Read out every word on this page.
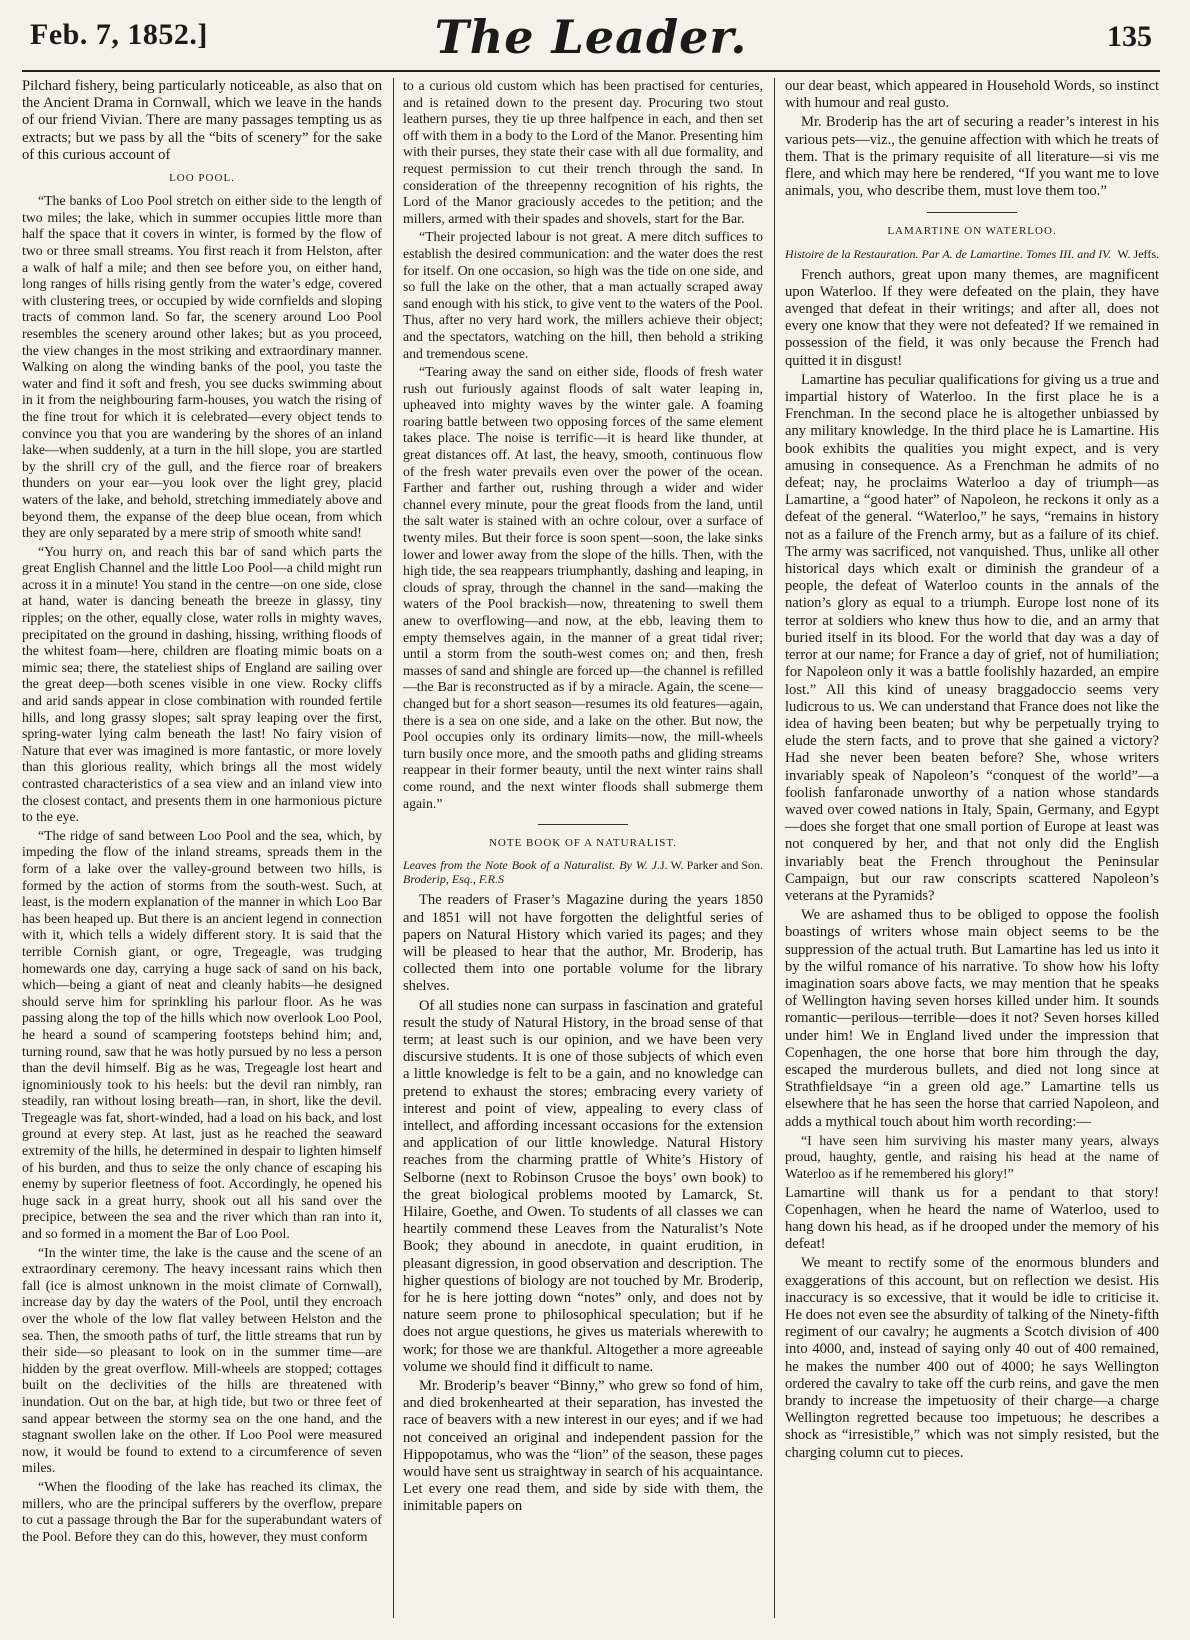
Feb. 7, 1852.]	The Leader.	135

Pilchard fishery, being particularly noticeable, as also that on the Ancient Drama in Cornwall, which we leave in the hands of our friend Vivian. There are many passages tempting us as extracts; but we pass by all the “bits of scenery” for the sake of this curious account of

LOO POOL.

“The banks of Loo Pool stretch on either side to the length of two miles; the lake, which in summer occupies little more than half the space that it covers in winter, is formed by the flow of two or three small streams. You first reach it from Helston, after a walk of half a mile; and then see before you, on either hand, long ranges of hills rising gently from the water’s edge, covered with clustering trees, or occupied by wide cornfields and sloping tracts of common land. So far, the scenery around Loo Pool resembles the scenery around other lakes; but as you proceed, the view changes in the most striking and extraordinary manner. Walking on along the winding banks of the pool, you taste the water and find it soft and fresh, you see ducks swimming about in it from the neighbouring farm-houses, you watch the rising of the fine trout for which it is celebrated—every object tends to convince you that you are wandering by the shores of an inland lake—when suddenly, at a turn in the hill slope, you are startled by the shrill cry of the gull, and the fierce roar of breakers thunders on your ear—you look over the light grey, placid waters of the lake, and behold, stretching immediately above and beyond them, the expanse of the deep blue ocean, from which they are only separated by a mere strip of smooth white sand!

“You hurry on, and reach this bar of sand which parts the great English Channel and the little Loo Pool—a child might run across it in a minute! You stand in the centre—on one side, close at hand, water is dancing beneath the breeze in glassy, tiny ripples; on the other, equally close, water rolls in mighty waves, precipitated on the ground in dashing, hissing, writhing floods of the whitest foam—here, children are floating mimic boats on a mimic sea; there, the stateliest ships of England are sailing over the great deep—both scenes visible in one view. Rocky cliffs and arid sands appear in close combination with rounded fertile hills, and long grassy slopes; salt spray leaping over the first, spring-water lying calm beneath the last! No fairy vision of Nature that ever was imagined is more fantastic, or more lovely than this glorious reality, which brings all the most widely contrasted characteristics of a sea view and an inland view into the closest contact, and presents them in one harmonious picture to the eye.

“The ridge of sand between Loo Pool and the sea, which, by impeding the flow of the inland streams, spreads them in the form of a lake over the valley-ground between two hills, is formed by the action of storms from the south-west. Such, at least, is the modern explanation of the manner in which Loo Bar has been heaped up. But there is an ancient legend in connection with it, which tells a widely different story. It is said that the terrible Cornish giant, or ogre, Tregeagle, was trudging homewards one day, carrying a huge sack of sand on his back, which—being a giant of neat and cleanly habits—he designed should serve him for sprinkling his parlour floor. As he was passing along the top of the hills which now overlook Loo Pool, he heard a sound of scampering footsteps behind him; and, turning round, saw that he was hotly pursued by no less a person than the devil himself. Big as he was, Tregeagle lost heart and ignominiously took to his heels: but the devil ran nimbly, ran steadily, ran without losing breath—ran, in short, like the devil. Tregeagle was fat, short-winded, had a load on his back, and lost ground at every step. At last, just as he reached the seaward extremity of the hills, he determined in despair to lighten himself of his burden, and thus to seize the only chance of escaping his enemy by superior fleetness of foot. Accordingly, he opened his huge sack in a great hurry, shook out all his sand over the precipice, between the sea and the river which than ran into it, and so formed in a moment the Bar of Loo Pool.

“In the winter time, the lake is the cause and the scene of an extraordinary ceremony. The heavy incessant rains which then fall (ice is almost unknown in the moist climate of Cornwall), increase day by day the waters of the Pool, until they encroach over the whole of the low flat valley between Helston and the sea. Then, the smooth paths of turf, the little streams that run by their side—so pleasant to look on in the summer time—are hidden by the great overflow. Mill-wheels are stopped; cottages built on the declivities of the hills are threatened with inundation. Out on the bar, at high tide, but two or three feet of sand appear between the stormy sea on the one hand, and the stagnant swollen lake on the other. If Loo Pool were measured now, it would be found to extend to a circumference of seven miles.

“When the flooding of the lake has reached its climax, the millers, who are the principal sufferers by the overflow, prepare to cut a passage through the Bar for the superabundant waters of the Pool. Before they can do this, however, they must conform

to a curious old custom which has been practised for centuries, and is retained down to the present day. Procuring two stout leathern purses, they tie up three halfpence in each, and then set off with them in a body to the Lord of the Manor. Presenting him with their purses, they state their case with all due formality, and request permission to cut their trench through the sand. In consideration of the threepenny recognition of his rights, the Lord of the Manor graciously accedes to the petition; and the millers, armed with their spades and shovels, start for the Bar.

“Their projected labour is not great. A mere ditch suffices to establish the desired communication: and the water does the rest for itself. On one occasion, so high was the tide on one side, and so full the lake on the other, that a man actually scraped away sand enough with his stick, to give vent to the waters of the Pool. Thus, after no very hard work, the millers achieve their object; and the spectators, watching on the hill, then behold a striking and tremendous scene.

“Tearing away the sand on either side, floods of fresh water rush out furiously against floods of salt water leaping in, upheaved into mighty waves by the winter gale. A foaming roaring battle between two opposing forces of the same element takes place. The noise is terrific—it is heard like thunder, at great distances off. At last, the heavy, smooth, continuous flow of the fresh water prevails even over the power of the ocean. Farther and farther out, rushing through a wider and wider channel every minute, pour the great floods from the land, until the salt water is stained with an ochre colour, over a surface of twenty miles. But their force is soon spent—soon, the lake sinks lower and lower away from the slope of the hills. Then, with the high tide, the sea reappears triumphantly, dashing and leaping, in clouds of spray, through the channel in the sand—making the waters of the Pool brackish—now, threatening to swell them anew to overflowing—and now, at the ebb, leaving them to empty themselves again, in the manner of a great tidal river; until a storm from the south-west comes on; and then, fresh masses of sand and shingle are forced up—the channel is refilled—the Bar is reconstructed as if by a miracle. Again, the scene—changed but for a short season—resumes its old features—again, there is a sea on one side, and a lake on the other. But now, the Pool occupies only its ordinary limits—now, the mill-wheels turn busily once more, and the smooth paths and gliding streams reappear in their former beauty, until the next winter rains shall come round, and the next winter floods shall submerge them again.”

NOTE BOOK OF A NATURALIST.
J. W. Parker and Son.
Leaves from the Note Book of a Naturalist. By W. J. Broderip, Esq., F.R.S

The readers of Fraser’s Magazine during the years 1850 and 1851 will not have forgotten the delightful series of papers on Natural History which varied its pages; and they will be pleased to hear that the author, Mr. Broderip, has collected them into one portable volume for the library shelves.

Of all studies none can surpass in fascination and grateful result the study of Natural History, in the broad sense of that term; at least such is our opinion, and we have been very discursive students. It is one of those subjects of which even a little knowledge is felt to be a gain, and no knowledge can pretend to exhaust the stores; embracing every variety of interest and point of view, appealing to every class of intellect, and affording incessant occasions for the extension and application of our little knowledge. Natural History reaches from the charming prattle of White’s History of Selborne (next to Robinson Crusoe the boys’ own book) to the great biological problems mooted by Lamarck, St. Hilaire, Goethe, and Owen. To students of all classes we can heartily commend these Leaves from the Naturalist’s Note Book; they abound in anecdote, in quaint erudition, in pleasant digression, in good observation and description. The higher questions of biology are not touched by Mr. Broderip, for he is here jotting down “notes” only, and does not by nature seem prone to philosophical speculation; but if he does not argue questions, he gives us materials wherewith to work; for those we are thankful. Altogether a more agreeable volume we should find it difficult to name.

Mr. Broderip’s beaver “Binny,” who grew so fond of him, and died brokenhearted at their separation, has invested the race of beavers with a new interest in our eyes; and if we had not conceived an original and independent passion for the Hippopotamus, who was the “lion” of the season, these pages would have sent us straightway in search of his acquaintance. Let every one read them, and side by side with them, the inimitable papers on

our dear beast, which appeared in Household Words, so instinct with humour and real gusto.

Mr. Broderip has the art of securing a reader’s interest in his various pets—viz., the genuine affection with which he treats of them. That is the primary requisite of all literature—si vis me flere, and which may here be rendered, “If you want me to love animals, you, who describe them, must love them too.”

LAMARTINE ON WATERLOO.
W. Jeffs.
Histoire de la Restauration. Par A. de Lamartine. Tomes III. and IV.

French authors, great upon many themes, are magnificent upon Waterloo. If they were defeated on the plain, they have avenged that defeat in their writings; and after all, does not every one know that they were not defeated? If we remained in possession of the field, it was only because the French had quitted it in disgust!

Lamartine has peculiar qualifications for giving us a true and impartial history of Waterloo. In the first place he is a Frenchman. In the second place he is altogether unbiassed by any military knowledge. In the third place he is Lamartine. His book exhibits the qualities you might expect, and is very amusing in consequence. As a Frenchman he admits of no defeat; nay, he proclaims Waterloo a day of triumph—as Lamartine, a “good hater” of Napoleon, he reckons it only as a defeat of the general. “Waterloo,” he says, “remains in history not as a failure of the French army, but as a failure of its chief. The army was sacrificed, not vanquished. Thus, unlike all other historical days which exalt or diminish the grandeur of a people, the defeat of Waterloo counts in the annals of the nation’s glory as equal to a triumph. Europe lost none of its terror at soldiers who knew thus how to die, and an army that buried itself in its blood. For the world that day was a day of terror at our name; for France a day of grief, not of humiliation; for Napoleon only it was a battle foolishly hazarded, an empire lost.” All this kind of uneasy braggadoccio seems very ludicrous to us. We can understand that France does not like the idea of having been beaten; but why be perpetually trying to elude the stern facts, and to prove that she gained a victory? Had she never been beaten before? She, whose writers invariably speak of Napoleon’s “conquest of the world”—a foolish fanfaronade unworthy of a nation whose standards waved over cowed nations in Italy, Spain, Germany, and Egypt—does she forget that one small portion of Europe at least was not conquered by her, and that not only did the English invariably beat the French throughout the Peninsular Campaign, but our raw conscripts scattered Napoleon’s veterans at the Pyramids?

We are ashamed thus to be obliged to oppose the foolish boastings of writers whose main object seems to be the suppression of the actual truth. But Lamartine has led us into it by the wilful romance of his narrative. To show how his lofty imagination soars above facts, we may mention that he speaks of Wellington having seven horses killed under him. It sounds romantic—perilous—terrible—does it not? Seven horses killed under him! We in England lived under the impression that Copenhagen, the one horse that bore him through the day, escaped the murderous bullets, and died not long since at Strathfieldsaye “in a green old age.” Lamartine tells us elsewhere that he has seen the horse that carried Napoleon, and adds a mythical touch about him worth recording:—

“I have seen him surviving his master many years, always proud, haughty, gentle, and raising his head at the name of Waterloo as if he remembered his glory!”

Lamartine will thank us for a pendant to that story! Copenhagen, when he heard the name of Waterloo, used to hang down his head, as if he drooped under the memory of his defeat!

We meant to rectify some of the enormous blunders and exaggerations of this account, but on reflection we desist. His inaccuracy is so excessive, that it would be idle to criticise it. He does not even see the absurdity of talking of the Ninety-fifth regiment of our cavalry; he augments a Scotch division of 400 into 4000, and, instead of saying only 40 out of 400 remained, he makes the number 400 out of 4000; he says Wellington ordered the cavalry to take off the curb reins, and gave the men brandy to increase the impetuosity of their charge—a charge Wellington regretted because too impetuous; he describes a shock as “irresistible,” which was not simply resisted, but the charging column cut to pieces.
